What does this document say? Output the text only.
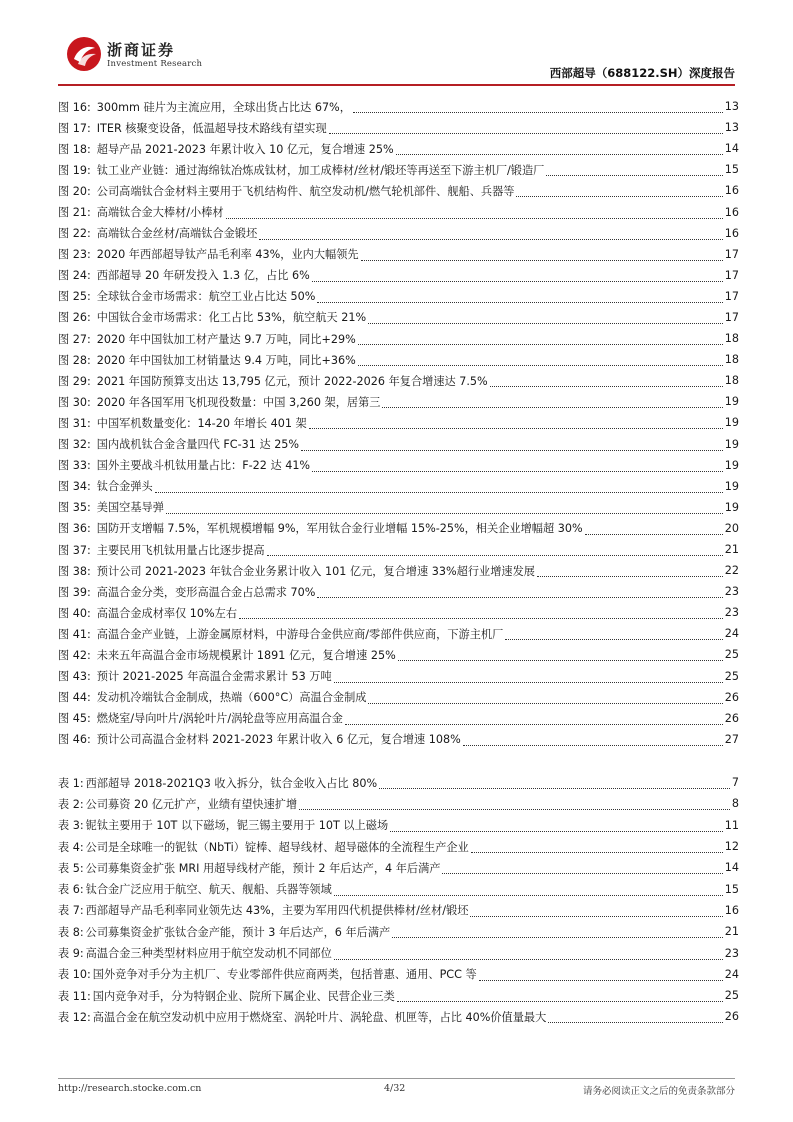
浙商证券
Investment Research
西部超导（688122.SH）深度报告
图 16: 300mm 硅片为主流应用，全球出货占比达 67%，	13
图 17: ITER 核聚变设备，低温超导技术路线有望实现	13
图 18: 超导产品 2021-2023 年累计收入 10 亿元，复合增速 25%	14
图 19: 钛工业产业链：通过海绵钛冶炼成钛材，加工成棒材/丝材/锻坯等再送至下游主机厂/锻造厂	15
图 20: 公司高端钛合金材料主要用于飞机结构件、航空发动机/燃气轮机部件、舰船、兵器等	16
图 21: 高端钛合金大棒材/小棒材	16
图 22: 高端钛合金丝材/高端钛合金锻坯	16
图 23: 2020 年西部超导钛产品毛利率 43%，业内大幅领先	17
图 24: 西部超导 20 年研发投入 1.3 亿，占比 6%	17
图 25: 全球钛合金市场需求：航空工业占比达 50%	17
图 26: 中国钛合金市场需求：化工占比 53%，航空航天 21%	17
图 27: 2020 年中国钛加工材产量达 9.7 万吨，同比+29%	18
图 28: 2020 年中国钛加工材销量达 9.4 万吨，同比+36%	18
图 29: 2021 年国防预算支出达 13,795 亿元，预计 2022-2026 年复合增速达 7.5%	18
图 30: 2020 年各国军用飞机现役数量：中国 3,260 架，居第三	19
图 31: 中国军机数量变化：14-20 年增长 401 架	19
图 32: 国内战机钛合金含量四代 FC-31 达 25%	19
图 33: 国外主要战斗机钛用量占比：F-22 达 41%	19
图 34: 钛合金弹头	19
图 35: 美国空基导弹	19
图 36: 国防开支增幅 7.5%，军机规模增幅 9%，军用钛合金行业增幅 15%-25%，相关企业增幅超 30%	20
图 37: 主要民用飞机钛用量占比逐步提高	21
图 38: 预计公司 2021-2023 年钛合金业务累计收入 101 亿元，复合增速 33%超行业增速发展	22
图 39: 高温合金分类，变形高温合金占总需求 70%	23
图 40: 高温合金成材率仅 10%左右	23
图 41: 高温合金产业链，上游金属原材料，中游母合金供应商/零部件供应商，下游主机厂	24
图 42: 未来五年高温合金市场规模累计 1891 亿元，复合增速 25%	25
图 43: 预计 2021-2025 年高温合金需求累计 53 万吨	25
图 44: 发动机冷端钛合金制成，热端（600°C）高温合金制成	26
图 45: 燃烧室/导向叶片/涡轮叶片/涡轮盘等应用高温合金	26
图 46: 预计公司高温合金材料 2021-2023 年累计收入 6 亿元，复合增速 108%	27
表 1: 西部超导 2018-2021Q3 收入拆分，钛合金收入占比 80%	7
表 2: 公司募资 20 亿元扩产，业绩有望快速扩增	8
表 3: 铌钛主要用于 10T 以下磁场，铌三锡主要用于 10T 以上磁场	11
表 4: 公司是全球唯一的铌钛（NbTi）锭棒、超导线材、超导磁体的全流程生产企业	12
表 5: 公司募集资金扩张 MRI 用超导线材产能，预计 2 年后达产，4 年后满产	14
表 6: 钛合金广泛应用于航空、航天、舰船、兵器等领域	15
表 7: 西部超导产品毛利率同业领先达 43%，主要为军用四代机提供棒材/丝材/锻坯	16
表 8: 公司募集资金扩张钛合金产能，预计 3 年后达产，6 年后满产	21
表 9: 高温合金三种类型材料应用于航空发动机不同部位	23
表 10: 国外竞争对手分为主机厂、专业零部件供应商两类，包括普惠、通用、PCC 等	24
表 11: 国内竞争对手，分为特钢企业、院所下属企业、民营企业三类	25
表 12: 高温合金在航空发动机中应用于燃烧室、涡轮叶片、涡轮盘、机匣等，占比 40%价值量最大	26
http://research.stocke.com.cn	4/32	请务必阅读正文之后的免责条款部分
